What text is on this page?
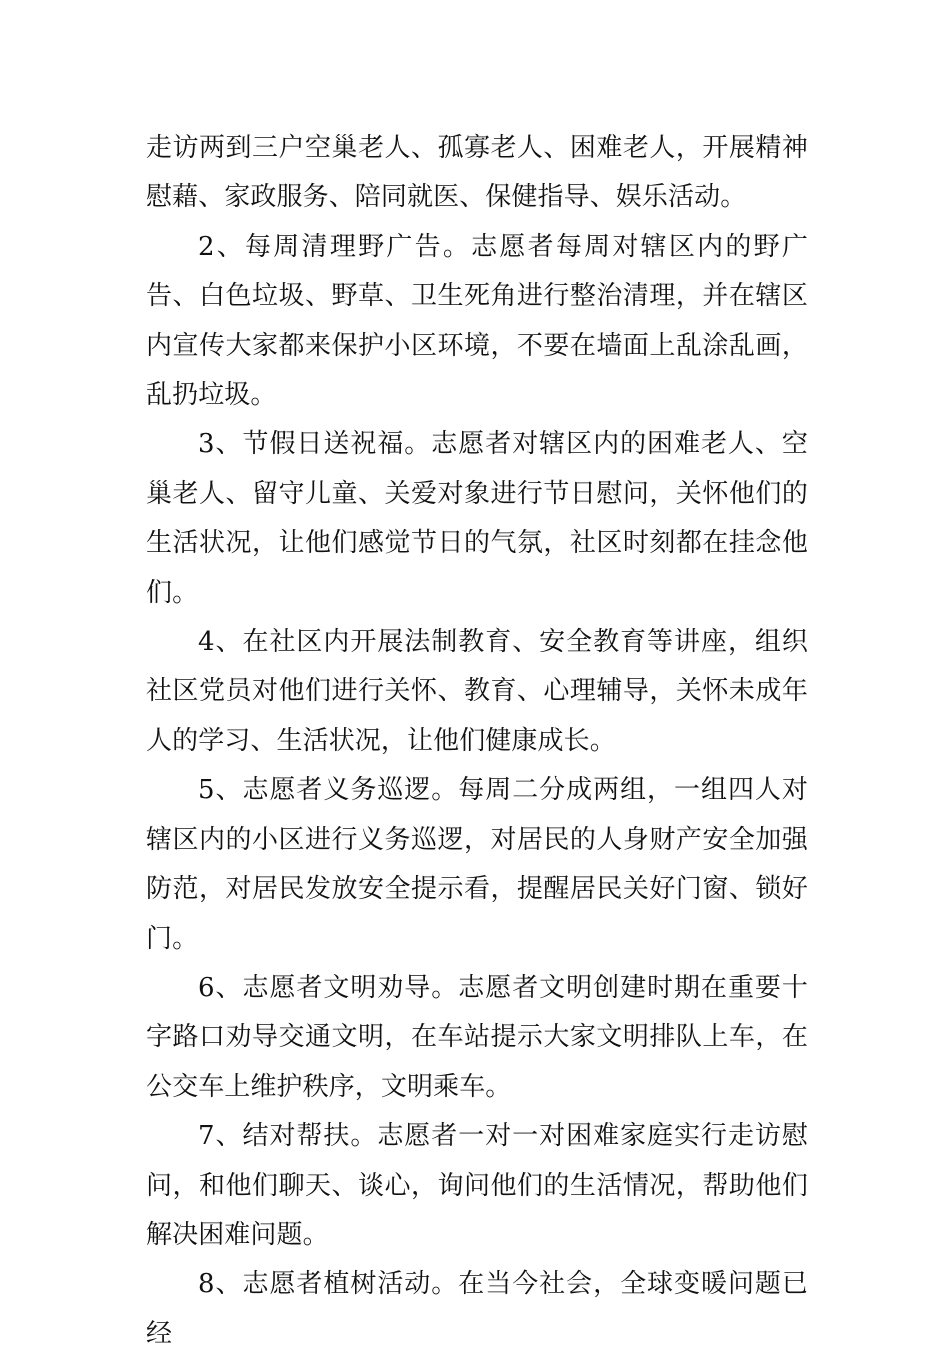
走访两到三户空巢老人、孤寡老人、困难老人，开展精神慰藉、家政服务、陪同就医、保健指导、娱乐活动。

2、每周清理野广告。志愿者每周对辖区内的野广告、白色垃圾、野草、卫生死角进行整治清理，并在辖区内宣传大家都来保护小区环境，不要在墙面上乱涂乱画，乱扔垃圾。

3、节假日送祝福。志愿者对辖区内的困难老人、空巢老人、留守儿童、关爱对象进行节日慰问，关怀他们的生活状况，让他们感觉节日的气氛，社区时刻都在挂念他们。

4、在社区内开展法制教育、安全教育等讲座，组织社区党员对他们进行关怀、教育、心理辅导，关怀未成年人的学习、生活状况，让他们健康成长。

5、志愿者义务巡逻。每周二分成两组，一组四人对辖区内的小区进行义务巡逻，对居民的人身财产安全加强防范，对居民发放安全提示看，提醒居民关好门窗、锁好门。

6、志愿者文明劝导。志愿者文明创建时期在重要十字路口劝导交通文明，在车站提示大家文明排队上车，在公交车上维护秩序，文明乘车。

7、结对帮扶。志愿者一对一对困难家庭实行走访慰问，和他们聊天、谈心，询问他们的生活情况，帮助他们解决困难问题。

8、志愿者植树活动。在当今社会，全球变暖问题已经
